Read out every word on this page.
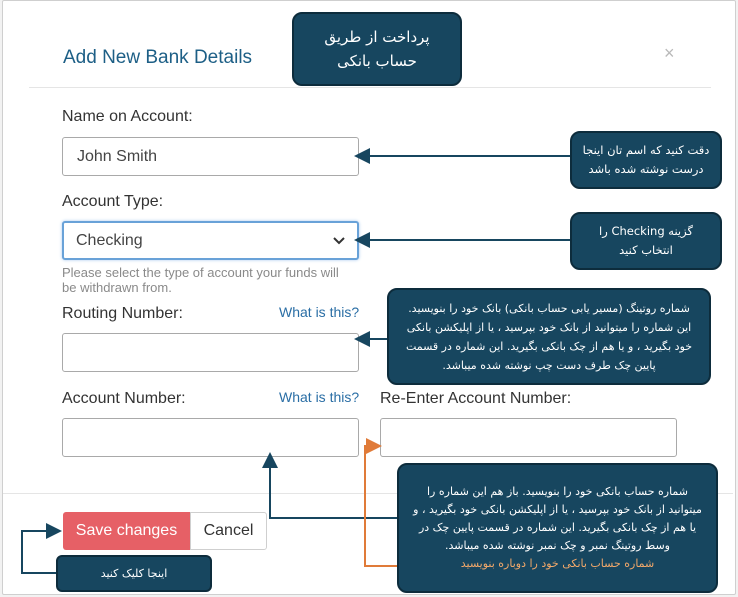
Add New Bank Details	×
Name on Account:
John Smith
Account Type:
Checking
Please select the type of account your funds will be withdrawn from.
Routing Number:	What is this?
Account Number:	What is this? Re-Enter Account Number:
Save changes	Cancel
پرداخت از طریق حساب بانکی
دقت کنید که اسم تان اینجا درست نوشته شده باشد
گزینه Checking را انتخاب کنید
شماره روتینگ (مسیر یابی حساب بانکی) بانک خود را بنویسید. این شماره را میتوانید از بانک خود بپرسید ، یا از اپلیکشن بانکی خود بگیرید ، و یا هم از چک بانکی بگیرید. این شماره در قسمت پایین چک طرف دست چپ نوشته شده میباشد.
شماره حساب بانکی خود را بنویسید. باز هم این شماره را میتوانید از بانک خود بپرسید ، یا از اپلیکشن بانکی خود بگیرید ، و یا هم از چک بانکی بگیرید. این شماره در قسمت پایین چک در وسط روتینگ نمبر و چک نمبر نوشته شده میباشد.
شماره حساب بانکی خود را دوباره بنویسید
اینجا کلیک کنید
